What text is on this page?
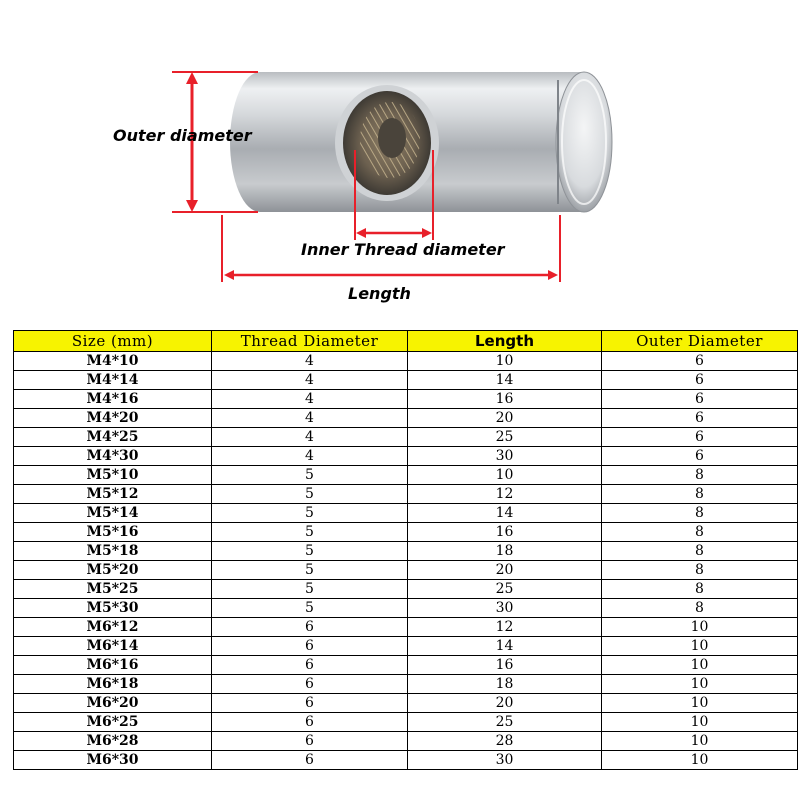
Outer diameter
Inner Thread diameter
Length
Size (mm)	Thread Diameter	Length	Outer Diameter
M4*10	4	10	6
M4*14	4	14	6
M4*16	4	16	6
M4*20	4	20	6
M4*25	4	25	6
M4*30	4	30	6
M5*10	5	10	8
M5*12	5	12	8
M5*14	5	14	8
M5*16	5	16	8
M5*18	5	18	8
M5*20	5	20	8
M5*25	5	25	8
M5*30	5	30	8
M6*12	6	12	10
M6*14	6	14	10
M6*16	6	16	10
M6*18	6	18	10
M6*20	6	20	10
M6*25	6	25	10
M6*28	6	28	10
M6*30	6	30	10
